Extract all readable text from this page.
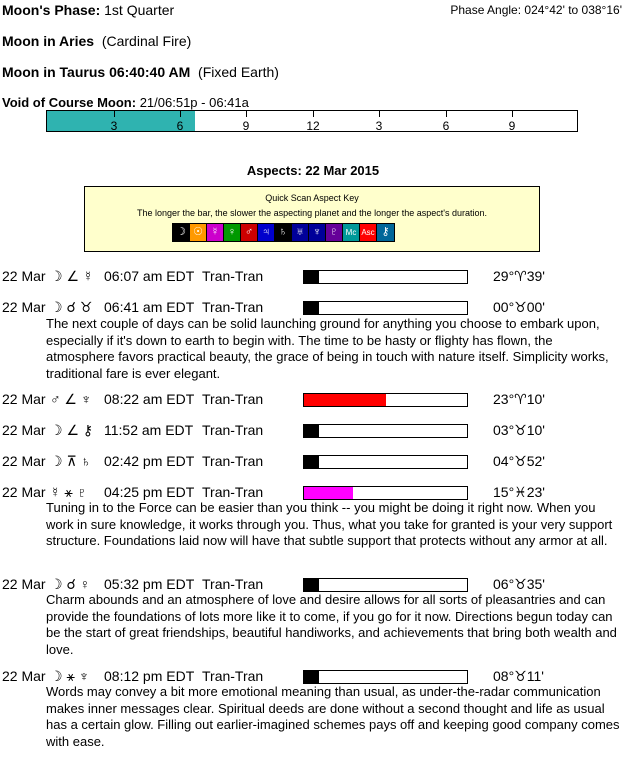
Moon's Phase: 1st Quarter	Phase Angle: 024°42' to 038°16'
Moon in Aries (Cardinal Fire)
Moon in Taurus 06:40:40 AM (Fixed Earth)
Void of Course Moon: 21/06:51p - 06:41a
3	6	9	12	3	6	9
Aspects: 22 Mar 2015
Quick Scan Aspect Key
The longer the bar, the slower the aspecting planet and the longer the aspect's duration.
☽ ☉ ☿ ♀ ♂ ♃ ♄ ♅ ♆ ♇ Mc Asc ⚷
22 Mar ☽ ∠ ☿ 06:07 am EDT Tran-Tran	29°♈39'
22 Mar ☽ ☌ ♉ 06:41 am EDT Tran-Tran	00°♉00'
The next couple of days can be solid launching ground for anything you choose to embark upon, especially if it's down to earth to begin with. The time to be hasty or flighty has flown, the atmosphere favors practical beauty, the grace of being in touch with nature itself. Simplicity works, traditional fare is ever elegant.
22 Mar ♂ ∠ ♆ 08:22 am EDT Tran-Tran	23°♈10'
22 Mar ☽ ∠ ⚷ 11:52 am EDT Tran-Tran	03°♉10'
22 Mar ☽ ⊼ ♄ 02:42 pm EDT Tran-Tran	04°♉52'
22 Mar ☿ ⚹ ♇ 04:25 pm EDT Tran-Tran	15°♓23'
Tuning in to the Force can be easier than you think -- you might be doing it right now. When you work in sure knowledge, it works through you. Thus, what you take for granted is your very support structure. Foundations laid now will have that subtle support that protects without any armor at all.
22 Mar ☽ ☌ ♀ 05:32 pm EDT Tran-Tran	06°♉35'
Charm abounds and an atmosphere of love and desire allows for all sorts of pleasantries and can provide the foundations of lots more like it to come, if you go for it now. Directions begun today can be the start of great friendships, beautiful handiworks, and achievements that bring both wealth and love.
22 Mar ☽ ⚹ ♆ 08:12 pm EDT Tran-Tran	08°♉11'
Words may convey a bit more emotional meaning than usual, as under-the-radar communication makes inner messages clear. Spiritual deeds are done without a second thought and life as usual has a certain glow. Filling out earlier-imagined schemes pays off and keeping good company comes with ease.
